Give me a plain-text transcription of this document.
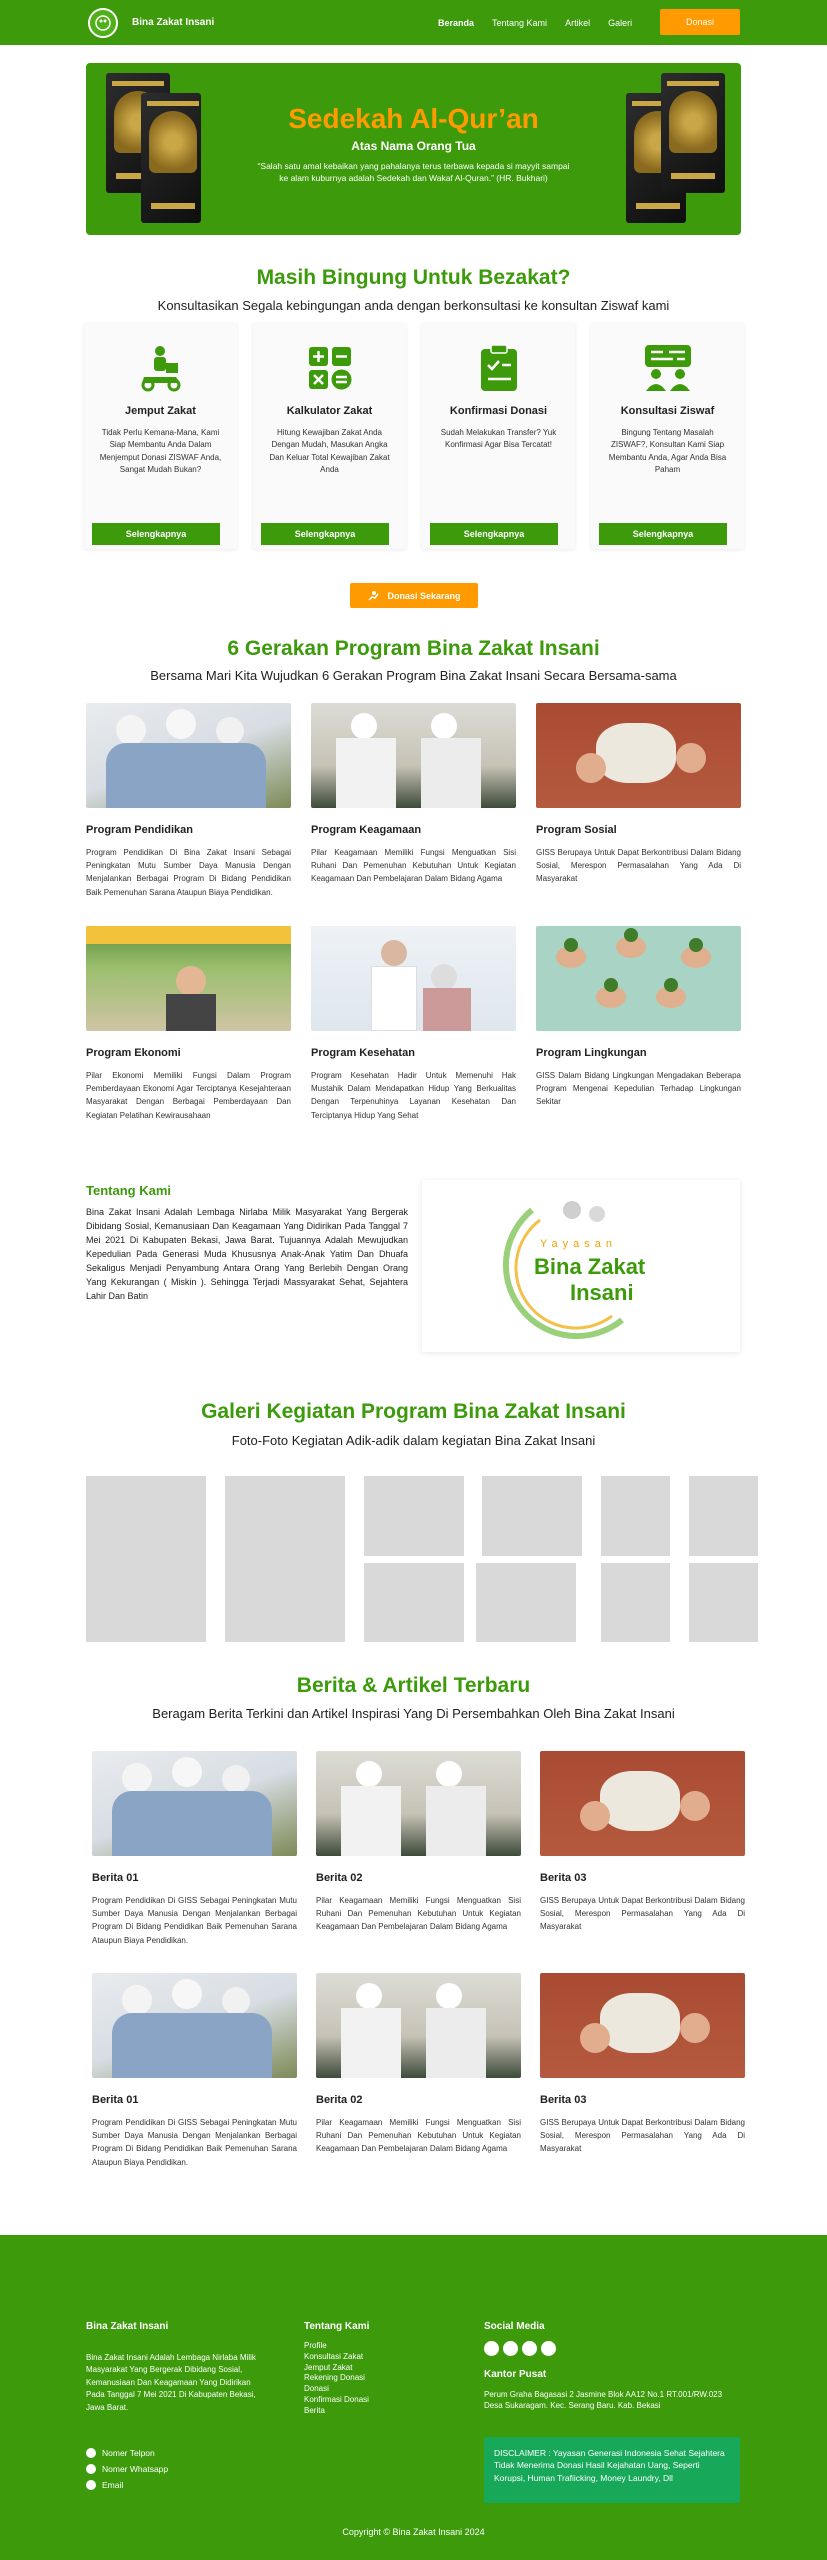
Bina Zakat Insani	Beranda Tentang Kami Artikel Galeri	Donasi
Sedekah Al-Qur’an
Atas Nama Orang Tua

“Salah satu amal kebaikan yang pahalanya terus terbawa kepada si mayyit sampai ke alam kuburnya adalah Sedekah dan Wakaf Al-Quran.” (HR. Bukhari)

Masih Bingung Untuk Bezakat?
Konsultasikan Segala kebingungan anda dengan berkonsultasi ke konsultan Ziswaf kami
Jemput Zakat

Tidak Perlu Kemana-Mana, Kami Siap Membantu Anda Dalam Menjemput Donasi ZISWAF Anda, Sangat Mudah Bukan?

Selengkapnya
Kalkulator Zakat

Hitung Kewajiban Zakat Anda Dengan Mudah, Masukan Angka Dan Keluar Total Kewajiban Zakat Anda

Selengkapnya
Konfirmasi Donasi

Sudah Melakukan Transfer? Yuk Konfirmasi Agar Bisa Tercatat!

Selengkapnya
Konsultasi Ziswaf

Bingung Tentang Masalah ZISWAF?, Konsultan Kami Siap Membantu Anda, Agar Anda Bisa Paham

Selengkapnya
Donasi Sekarang
6 Gerakan Program Bina Zakat Insani
Bersama Mari Kita Wujudkan 6 Gerakan Program Bina Zakat Insani Secara Bersama-sama
Program Pendidikan

Program Pendidikan Di Bina Zakat Insani Sebagai Peningkatan Mutu Sumber Daya Manusia Dengan Menjalankan Berbagai Program Di Bidang Pendidikan Baik Pemenuhan Sarana Ataupun Biaya Pendidikan.

Program Keagamaan

Pilar Keagamaan Memiliki Fungsi Menguatkan Sisi Ruhani Dan Pemenuhan Kebutuhan Untuk Kegiatan Keagamaan Dan Pembelajaran Dalam Bidang Agama

Program Sosial

GISS Berupaya Untuk Dapat Berkontribusi Dalam Bidang Sosial, Merespon Permasalahan Yang Ada Di Masyarakat

Program Ekonomi

Pilar Ekonomi Memiliki Fungsi Dalam Program Pemberdayaan Ekonomi Agar Terciptanya Kesejahteraan Masyarakat Dengan Berbagai Pemberdayaan Dan Kegiatan Pelatihan Kewirausahaan

Program Kesehatan

Program Kesehatan Hadir Untuk Memenuhi Hak Mustahik Dalam Mendapatkan Hidup Yang Berkualitas Dengan Terpenuhinya Layanan Kesehatan Dan Terciptanya Hidup Yang Sehat

Program Lingkungan

GISS Dalam Bidang Lingkungan Mengadakan Beberapa Program Mengenai Kepedulian Terhadap Lingkungan Sekitar

Tentang Kami
Bina Zakat Insani Adalah Lembaga Nirlaba Milik Masyarakat Yang Bergerak Dibidang Sosial, Kemanusiaan Dan Keagamaan Yang Didirikan Pada Tanggal 7 Mei 2021 Di Kabupaten Bekasi, Jawa Barat. Tujuannya Adalah Mewujudkan Kepedulian Pada Generasi Muda Khususnya Anak-Anak Yatim Dan Dhuafa Sekaligus Menjadi Penyambung Antara Orang Yang Berlebih Dengan Orang Yang Kekurangan ( Miskin ). Sehingga Terjadi Massyarakat Sehat, Sejahtera Lahir Dan Batin
Yayasan
Bina Zakat
Insani
Galeri Kegiatan Program Bina Zakat Insani
Foto-Foto Kegiatan Adik-adik dalam kegiatan Bina Zakat Insani
Berita & Artikel Terbaru
Beragam Berita Terkini dan Artikel Inspirasi Yang Di Persembahkan Oleh Bina Zakat Insani
Berita 01

Program Pendidikan Di GISS Sebagai Peningkatan Mutu Sumber Daya Manusia Dengan Menjalankan Berbagai Program Di Bidang Pendidikan Baik Pemenuhan Sarana Ataupun Biaya Pendidikan.

Berita 02

Pilar Keagamaan Memiliki Fungsi Menguatkan Sisi Ruhani Dan Pemenuhan Kebutuhan Untuk Kegiatan Keagamaan Dan Pembelajaran Dalam Bidang Agama

Berita 03

GISS Berupaya Untuk Dapat Berkontribusi Dalam Bidang Sosial, Merespon Permasalahan Yang Ada Di Masyarakat

Berita 01

Program Pendidikan Di GISS Sebagai Peningkatan Mutu Sumber Daya Manusia Dengan Menjalankan Berbagai Program Di Bidang Pendidikan Baik Pemenuhan Sarana Ataupun Biaya Pendidikan.

Berita 02

Pilar Keagamaan Memiliki Fungsi Menguatkan Sisi Ruhani Dan Pemenuhan Kebutuhan Untuk Kegiatan Keagamaan Dan Pembelajaran Dalam Bidang Agama

Berita 03

GISS Berupaya Untuk Dapat Berkontribusi Dalam Bidang Sosial, Merespon Permasalahan Yang Ada Di Masyarakat

Bina Zakat Insani
Bina Zakat Insani Adalah Lembaga Nirlaba Milik Masyarakat Yang Bergerak Dibidang Sosial, Kemanusiaan Dan Keagamaan Yang Didirikan Pada Tanggal 7 Mei 2021 Di Kabupaten Bekasi, Jawa Barat.
Nomer Telpon
Nomer Whatsapp
Email
Tentang Kami
Profile
Konsultasi Zakat
Jemput Zakat
Rekening Donasi
Donasi
Konfirmasi Donasi
Berita
Social Media
Kantor Pusat
Perum Graha Bagasasi 2 Jasmine Blok AA12 No.1 RT.001/RW.023 Desa Sukaragam. Kec. Serang Baru. Kab. Bekasi
DISCLAIMER : Yayasan Generasi Indonesia Sehat Sejahtera Tidak Menerima Donasi Hasil Kejahatan Uang, Seperti Korupsi, Human Trafiicking, Money Laundry, Dll
Copyright © Bina Zakat Insani 2024
